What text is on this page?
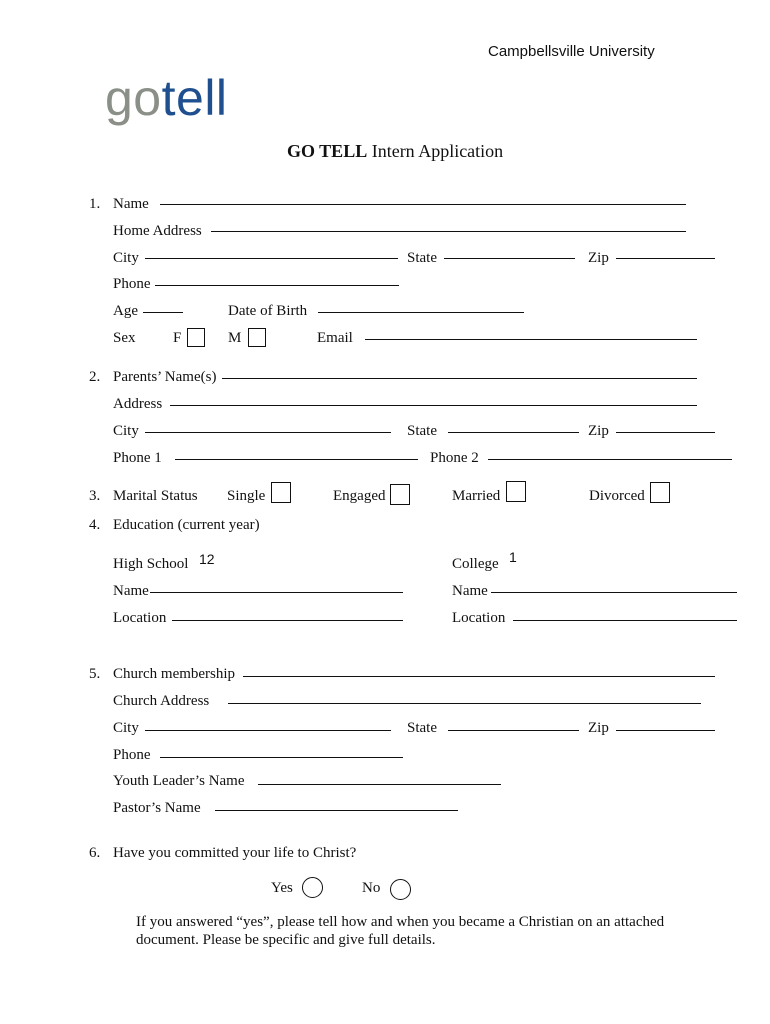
Campbellsville University
gotell
GO TELL Intern Application
1. Name
Home Address
City	State	Zip
Phone
Age	Date of Birth
Sex	F	M	Email
2. Parents’ Name(s)
Address
City	State	Zip
Phone 1	Phone 2
3. Marital Status Single	Engaged	Married	Divorced
4. Education (current year)
High School 12	College 1
Name	Name
Location	Location
5. Church membership
Church Address
City	State	Zip
Phone
Youth Leader’s Name
Pastor’s Name
6. Have you committed your life to Christ?
Yes	No
If you answered “yes”, please tell how and when you became a Christian on an attached
document. Please be specific and give full details.
